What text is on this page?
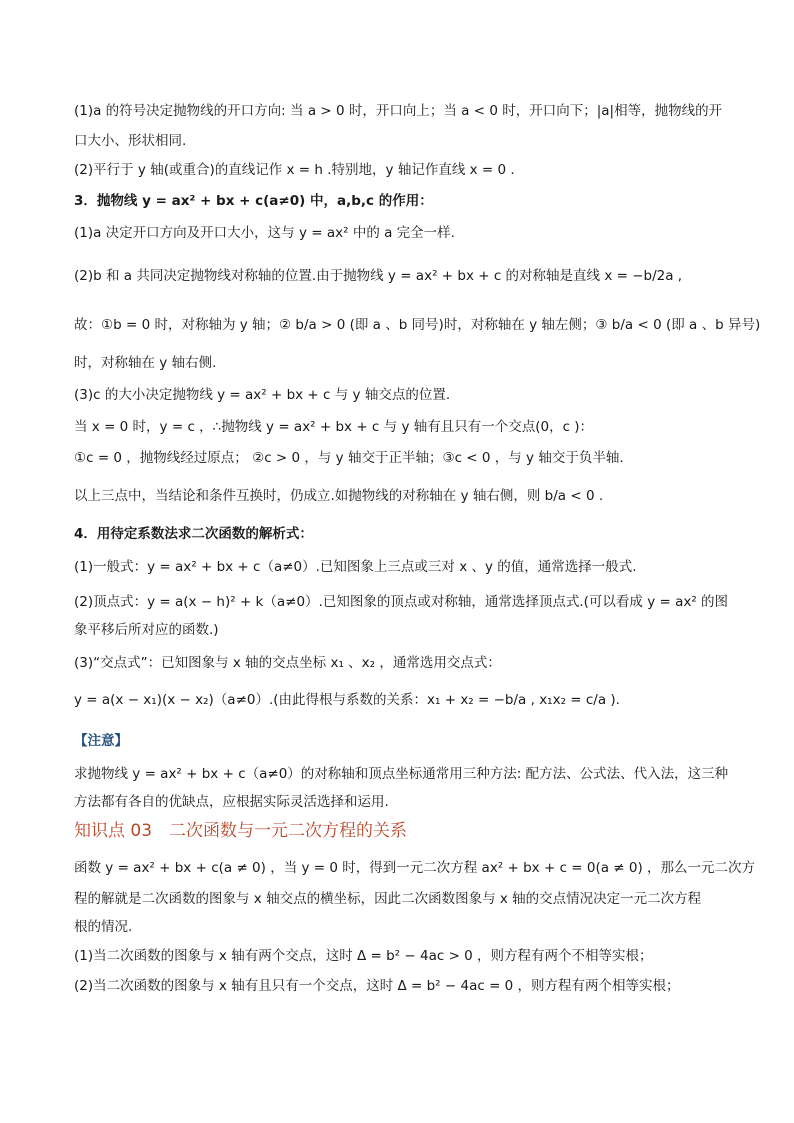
(1)a 的符号决定抛物线的开口方向: 当 a > 0 时，开口向上；当 a < 0 时，开口向下；|a|相等，抛物线的开
口大小、形状相同.
(2)平行于 y 轴(或重合)的直线记作 x = h .特别地，y 轴记作直线 x = 0 .
3．抛物线 y = ax² + bx + c(a≠0) 中，a,b,c 的作用：
(1)a 决定开口方向及开口大小，这与 y = ax² 中的 a 完全一样.
(2)b 和 a 共同决定抛物线对称轴的位置.由于抛物线 y = ax² + bx + c 的对称轴是直线 x = −b/2a ,
故：①b = 0 时，对称轴为 y 轴；② b/a > 0 (即 a 、b 同号)时，对称轴在 y 轴左侧；③ b/a < 0 (即 a 、b 异号)
时，对称轴在 y 轴右侧.
(3)c 的大小决定抛物线 y = ax² + bx + c 与 y 轴交点的位置.
当 x = 0 时，y = c ，∴抛物线 y = ax² + bx + c 与 y 轴有且只有一个交点(0，c )：
①c = 0 ，抛物线经过原点； ②c > 0 ，与 y 轴交于正半轴；③c < 0 ，与 y 轴交于负半轴.
以上三点中，当结论和条件互换时，仍成立.如抛物线的对称轴在 y 轴右侧，则 b/a < 0 .
4．用待定系数法求二次函数的解析式：
(1)一般式：y = ax² + bx + c（a≠0）.已知图象上三点或三对 x 、y 的值，通常选择一般式.
(2)顶点式：y = a(x − h)² + k（a≠0）.已知图象的顶点或对称轴，通常选择顶点式.(可以看成 y = ax² 的图
象平移后所对应的函数.)
(3)“交点式”：已知图象与 x 轴的交点坐标 x₁ 、x₂ ，通常选用交点式：
y = a(x − x₁)(x − x₂)（a≠0）.(由此得根与系数的关系：x₁ + x₂ = −b/a , x₁x₂ = c/a ).
【注意】
求抛物线 y = ax² + bx + c（a≠0）的对称轴和顶点坐标通常用三种方法: 配方法、公式法、代入法，这三种
方法都有各自的优缺点，应根据实际灵活选择和运用.
知识点 03　二次函数与一元二次方程的关系
函数 y = ax² + bx + c(a ≠ 0) ，当 y = 0 时，得到一元二次方程 ax² + bx + c = 0(a ≠ 0) ，那么一元二次方
程的解就是二次函数的图象与 x 轴交点的横坐标，因此二次函数图象与 x 轴的交点情况决定一元二次方程
根的情况.
(1)当二次函数的图象与 x 轴有两个交点，这时 Δ = b² − 4ac > 0 ，则方程有两个不相等实根；
(2)当二次函数的图象与 x 轴有且只有一个交点，这时 Δ = b² − 4ac = 0 ，则方程有两个相等实根；
